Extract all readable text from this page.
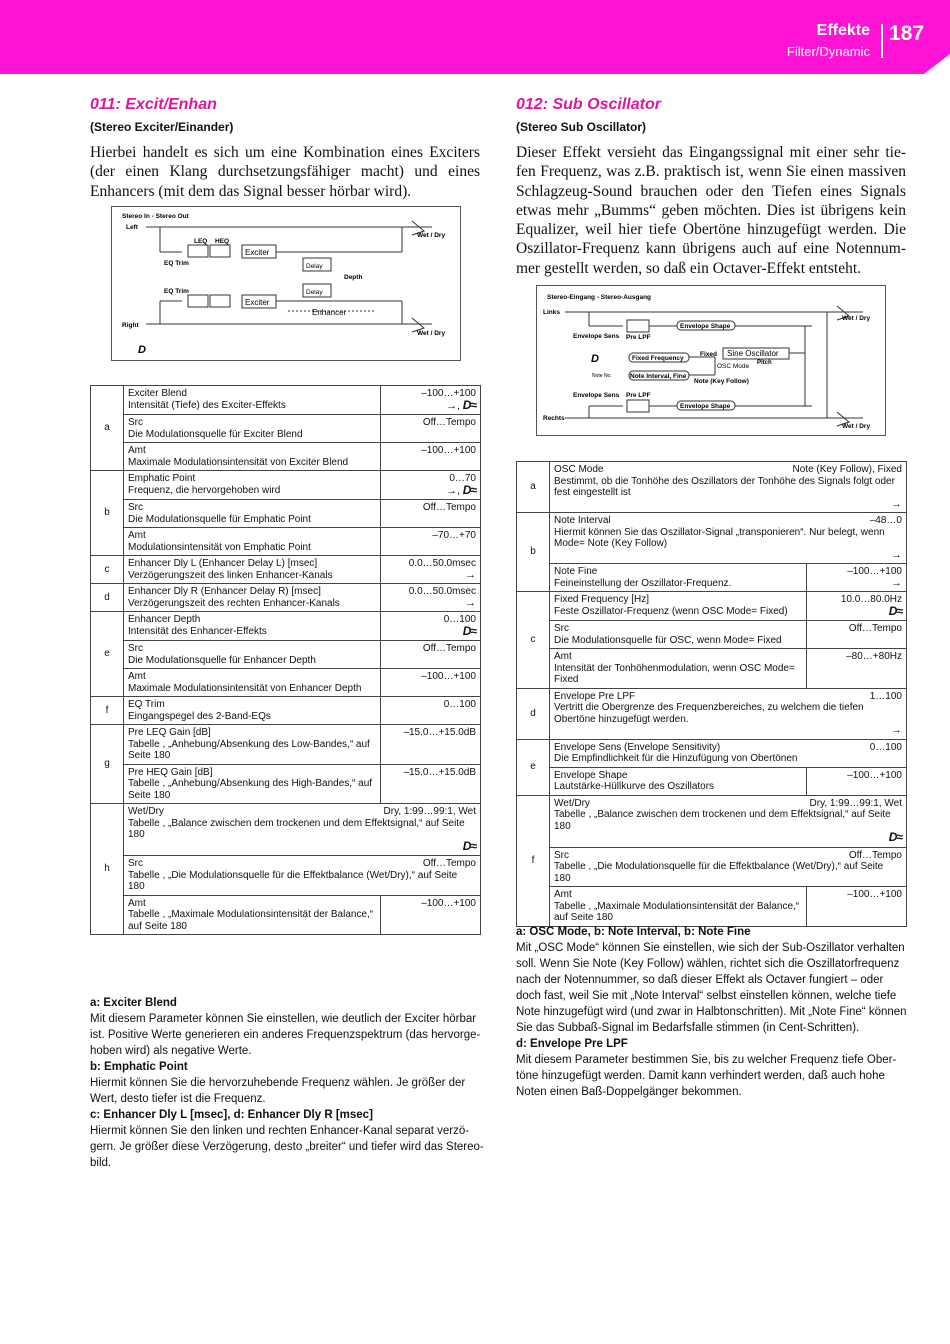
Effekte
Filter/Dynamic
187
011: Excit/Enhan
(Stereo Exciter/Einander)
Hierbei handelt es sich um eine Kombination eines Exciters
(der einen Klang durchsetzungsfähiger macht) und eines
Enhancers (mit dem das Signal besser hörbar wird).
Stereo In - Stereo Out
Left
Right
LEQ HEQ
EQ Trim
EQ Trim
Exciter
Exciter
Delay
Delay
Depth
Enhancer
Wet / Dry
Wet / Dry
D
a	Exciter Blend
Intensität (Tiefe) des Exciter-Effekts	–100…+100
→, D≈

	Src
Die Modulationsquelle für Exciter Blend	Off…Tempo

	Amt
Maximale Modulationsintensität von Exciter Blend	–100…+100

b	Emphatic Point
Frequenz, die hervorgehoben wird	0…70
→, D≈

	Src
Die Modulationsquelle für Emphatic Point	Off…Tempo

	Amt
Modulationsintensität von Emphatic Point	–70…+70

c	Enhancer Dly L (Enhancer Delay L) [msec]
Verzögerungszeit des linken Enhancer-Kanals	0.0…50.0msec
→

d	Enhancer Dly R (Enhancer Delay R) [msec]
Verzögerungszeit des rechten Enhancer-Kanals	0.0…50.0msec
→

e	Enhancer Depth
Intensität des Enhancer-Effekts	0…100
D≈

	Src
Die Modulationsquelle für Enhancer Depth	Off…Tempo

	Amt
Maximale Modulationsintensität von Enhancer Depth	–100…+100

f	EQ Trim
Eingangspegel des 2-Band-EQs	0…100

g	Pre LEQ Gain [dB]
Tabelle , „Anhebung/Absenkung des Low-Bandes,“ auf Seite 180	–15.0…+15.0dB

	Pre HEQ Gain [dB]
Tabelle , „Anhebung/Absenkung des High-Bandes,“ auf Seite 180	–15.0…+15.0dB

h	Wet/Dry Dry, 1:99…99:1, Wet
Tabelle , „Balance zwischen dem trockenen und dem Effektsignal,“ auf Seite 180
D≈	

	Src Off…Tempo
Tabelle , „Die Modulationsquelle für die Effektbalance (Wet/Dry),“ auf Seite 180	

	Amt
Tabelle , „Maximale Modulationsintensität der Balance,“ auf Seite 180	–100…+100
a: Exciter Blend
Mit diesem Parameter können Sie einstellen, wie deutlich der Exciter hörbar
ist. Positive Werte generieren ein anderes Frequenzspektrum (das hervorge-
hoben wird) als negative Werte.
b: Emphatic Point
Hiermit können Sie die hervorzuhebende Frequenz wählen. Je größer der
Wert, desto tiefer ist die Frequenz.
c: Enhancer Dly L [msec], d: Enhancer Dly R [msec]
Hiermit können Sie den linken und rechten Enhancer-Kanal separat verzö-
gern. Je größer diese Verzögerung, desto „breiter“ und tiefer wird das Stereo-
bild.
012: Sub Oscillator
(Stereo Sub Oscillator)
Dieser Effekt versieht das Eingangssignal mit einer sehr tie-
fen Frequenz, was z.B. praktisch ist, wenn Sie einen massiven
Schlagzeug-Sound brauchen oder den Tiefen eines Signals
etwas mehr „Bumms“ geben möchten. Dies ist übrigens kein
Equalizer, weil hier tiefe Obertöne hinzugefügt werden. Die
Oszillator-Frequenz kann übrigens auch auf eine Notennum-
mer gestellt werden, so daß ein Octaver-Effekt entsteht.
Stereo-Eingang - Stereo-Ausgang
Links
Rechts
Envelope Sens
Envelope Sens
Pre LPF
Pre LPF
Envelope Shape
Envelope Shape
Fixed Frequency
Fixed Sine Oscillator
OSC Mode Pitch
Note No.	Note Interval, Fine
Note (Key Follow)
Wet / Dry
Wet / Dry
D
a	OSC Mode Note (Key Follow), Fixed
Bestimmt, ob die Tonhöhe des Oszillators der Tonhöhe des Signals folgt oder fest eingestellt ist
→	

b	Note Interval –48…0
Hiermit können Sie das Oszillator-Signal „transponieren“. Nur belegt, wenn Mode= Note (Key Follow)
→	

	Note Fine
Feineinstellung der Oszillator-Frequenz.	–100…+100
→

c	Fixed Frequency [Hz]
Feste Oszillator-Frequenz (wenn OSC Mode= Fixed)	10.0…80.0Hz
D≈

	Src
Die Modulationsquelle für OSC, wenn Mode= Fixed	Off…Tempo

	Amt
Intensität der Tonhöhenmodulation, wenn OSC Mode= Fixed	–80…+80Hz

d	Envelope Pre LPF 1…100
Vertritt die Obergrenze des Frequenzbereiches, zu welchem die tiefen Obertöne hinzugefügt werden.
→	

e	Envelope Sens (Envelope Sensitivity) 0…100
Die Empfindlichkeit für die Hinzufügung von Obertönen	

	Envelope Shape
Lautstärke-Hüllkurve des Oszillators	–100…+100

f	Wet/Dry Dry, 1:99…99:1, Wet
Tabelle , „Balance zwischen dem trockenen und dem Effektsignal,“ auf Seite 180
D≈	

	Src Off…Tempo
Tabelle , „Die Modulationsquelle für die Effektbalance (Wet/Dry),“ auf Seite 180	

	Amt
Tabelle , „Maximale Modulationsintensität der Balance,“ auf Seite 180	–100…+100
a: OSC Mode, b: Note Interval, b: Note Fine
Mit „OSC Mode“ können Sie einstellen, wie sich der Sub-Oszillator verhalten
soll. Wenn Sie Note (Key Follow) wählen, richtet sich die Oszillatorfrequenz
nach der Notennummer, so daß dieser Effekt als Octaver fungiert – oder
doch fast, weil Sie mit „Note Interval“ selbst einstellen können, welche tiefe
Note hinzugefügt wird (und zwar in Halbtonschritten). Mit „Note Fine“ können
Sie das Subbaß-Signal im Bedarfsfalle stimmen (in Cent-Schritten).
d: Envelope Pre LPF
Mit diesem Parameter bestimmen Sie, bis zu welcher Frequenz tiefe Ober-
töne hinzugefügt werden. Damit kann verhindert werden, daß auch hohe
Noten einen Baß-Doppelgänger bekommen.
